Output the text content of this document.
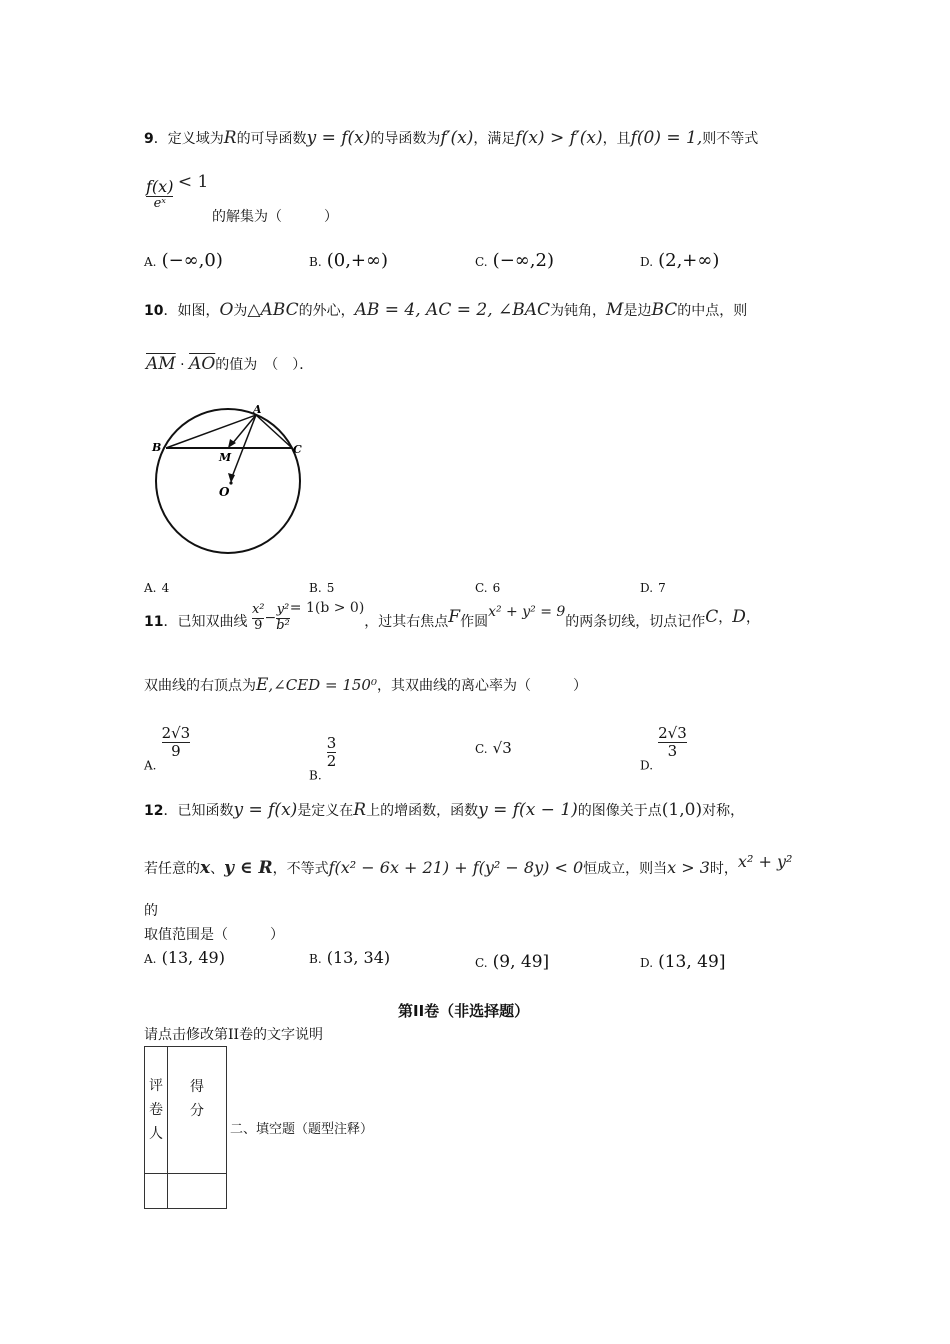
9．定义域为R的可导函数y = f(x)的导函数为f′(x)，满足f(x) > f′(x)，且f(0) = 1,则不等式
$\frac{f(x)}{\text{eˣ}} < 1$
的解集为（　　　）
A. (−∞,0)	B. (0,+∞)	C. (−∞,2)	D. (2,+∞)
10．如图，O为△ABC的外心，AB = 4, AC = 2, ∠BAC为钝角，M是边BC的中点，则
$\overline{AM} \cdot \overline{AO}$的值为　（　）．
A
B	C
M
O
A. 4	B. 5	C. 6	D. 7
11．已知双曲线 $\frac{\text{x²}}{9} - \frac{\text{y²}}{\text{b²}} = 1(b > 0)$，过其右焦点F作圆x² + y² = 9的两条切线，切点记作C，D，
双曲线的右顶点为E,∠CED = 150⁰，其双曲线的离心率为（　　　）
$_{A.}$
$\frac{2√3}{9}$
$_{B.}$
$\frac{3}{2}$	C. √3
$_{D.}$
$\frac{2√3}{3}$
12．已知函数y = f(x)是定义在R上的增函数，函数y = f(x − 1)的图像关于点(1,0)对称，
若任意的x、y ∈ R，不等式f(x² − 6x + 21) + f(y² − 8y) < 0恒成立，则当x > 3时，x² + y²
的
取值范围是（　　　）
A. (13, 49)	B. (13, 34)	C. (9, 49]	D. (13, 49]
第II卷（非选择题）
请点击修改第II卷的文字说明
评卷人	得分

二、填空题（题型注释）
